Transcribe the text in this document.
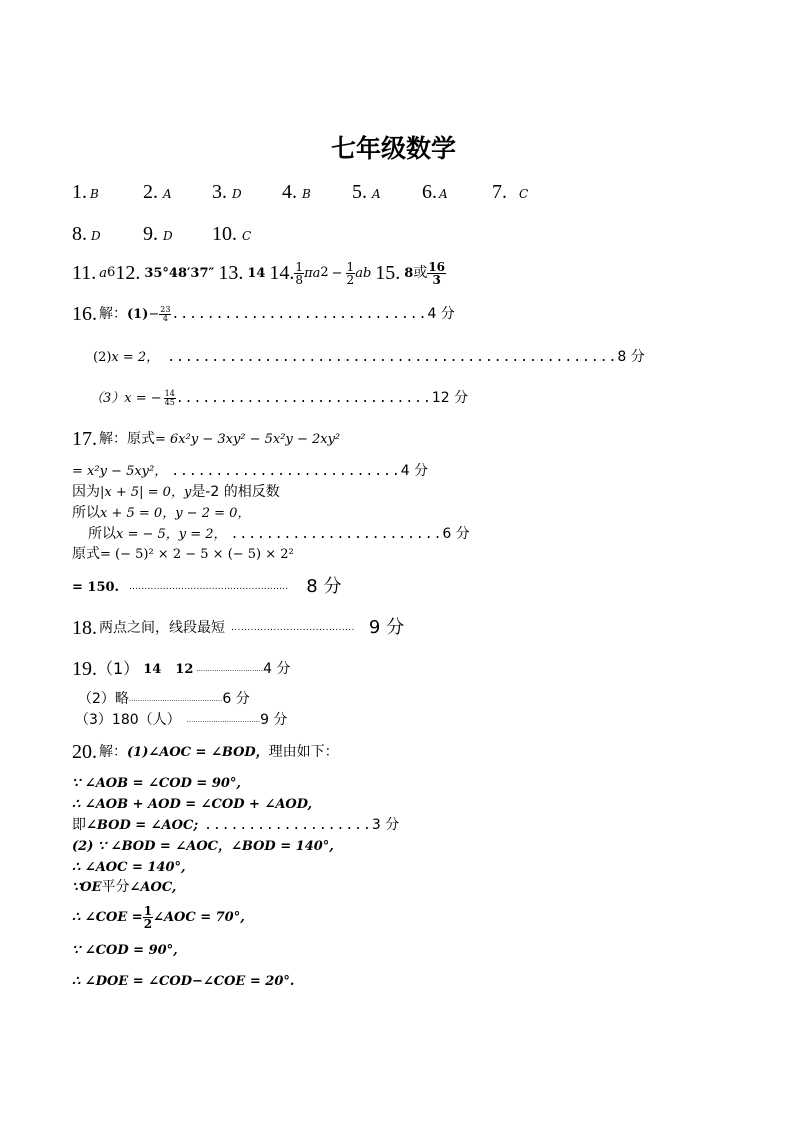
七年级数学
1. B 2. A 3. D 4. B 5. A 6. A 7. C
8. D 9. D 10. C
11. a 6 12. 35°48′37″ 13. 14 14. $\frac{1}{8}$ πa $2 - \frac{1}{2}$ ab 15. 8 或 $\frac{16}{3}$
16. 解： $(1) - \frac{23}{4}$ ............................. 4 分
(2) x = 2， ................................................... 8 分
（3） x = − $\frac{14}{45}$ ............................. 12 分
17. 解： 原式 = 6x²y − 3xy² − 5x²y − 2xy²
= x²y − 5xy²， .......................... 4 分
因为 |x + 5| = 0， y 是-2 的相反数
所以 x + 5 = 0，y − 2 = 0，
所以 x = − 5，y = 2， ........................ 6 分
原式 = (− 5)² × 2 − 5 × (− 5) × 2²
= 150. .................................................... 8 分
18. 两点之间，线段最短 ...................................... 9 分
19. （1） 14 12 .............................. 4 分
（2）略 .......................................... 6 分
（3）180（人） ................................. 9 分
20. 解： (1)∠AOC = ∠BOD， 理由如下：
∵ ∠AOB = ∠COD = 90°,
∴ ∠AOB + AOD = ∠COD + ∠AOD,
即 ∠BOD = ∠AOC; ................... 3 分
(2) ∵ ∠BOD = ∠AOC，∠BOD = 140°,
∴ ∠AOC = 140°,
∵OE 平分 ∠AOC,
∴ ∠COE = $\frac{1}{2}$ ∠AOC = 70°,
∵ ∠COD = 90°,
∴ ∠DOE = ∠COD−∠COE = 20°.
